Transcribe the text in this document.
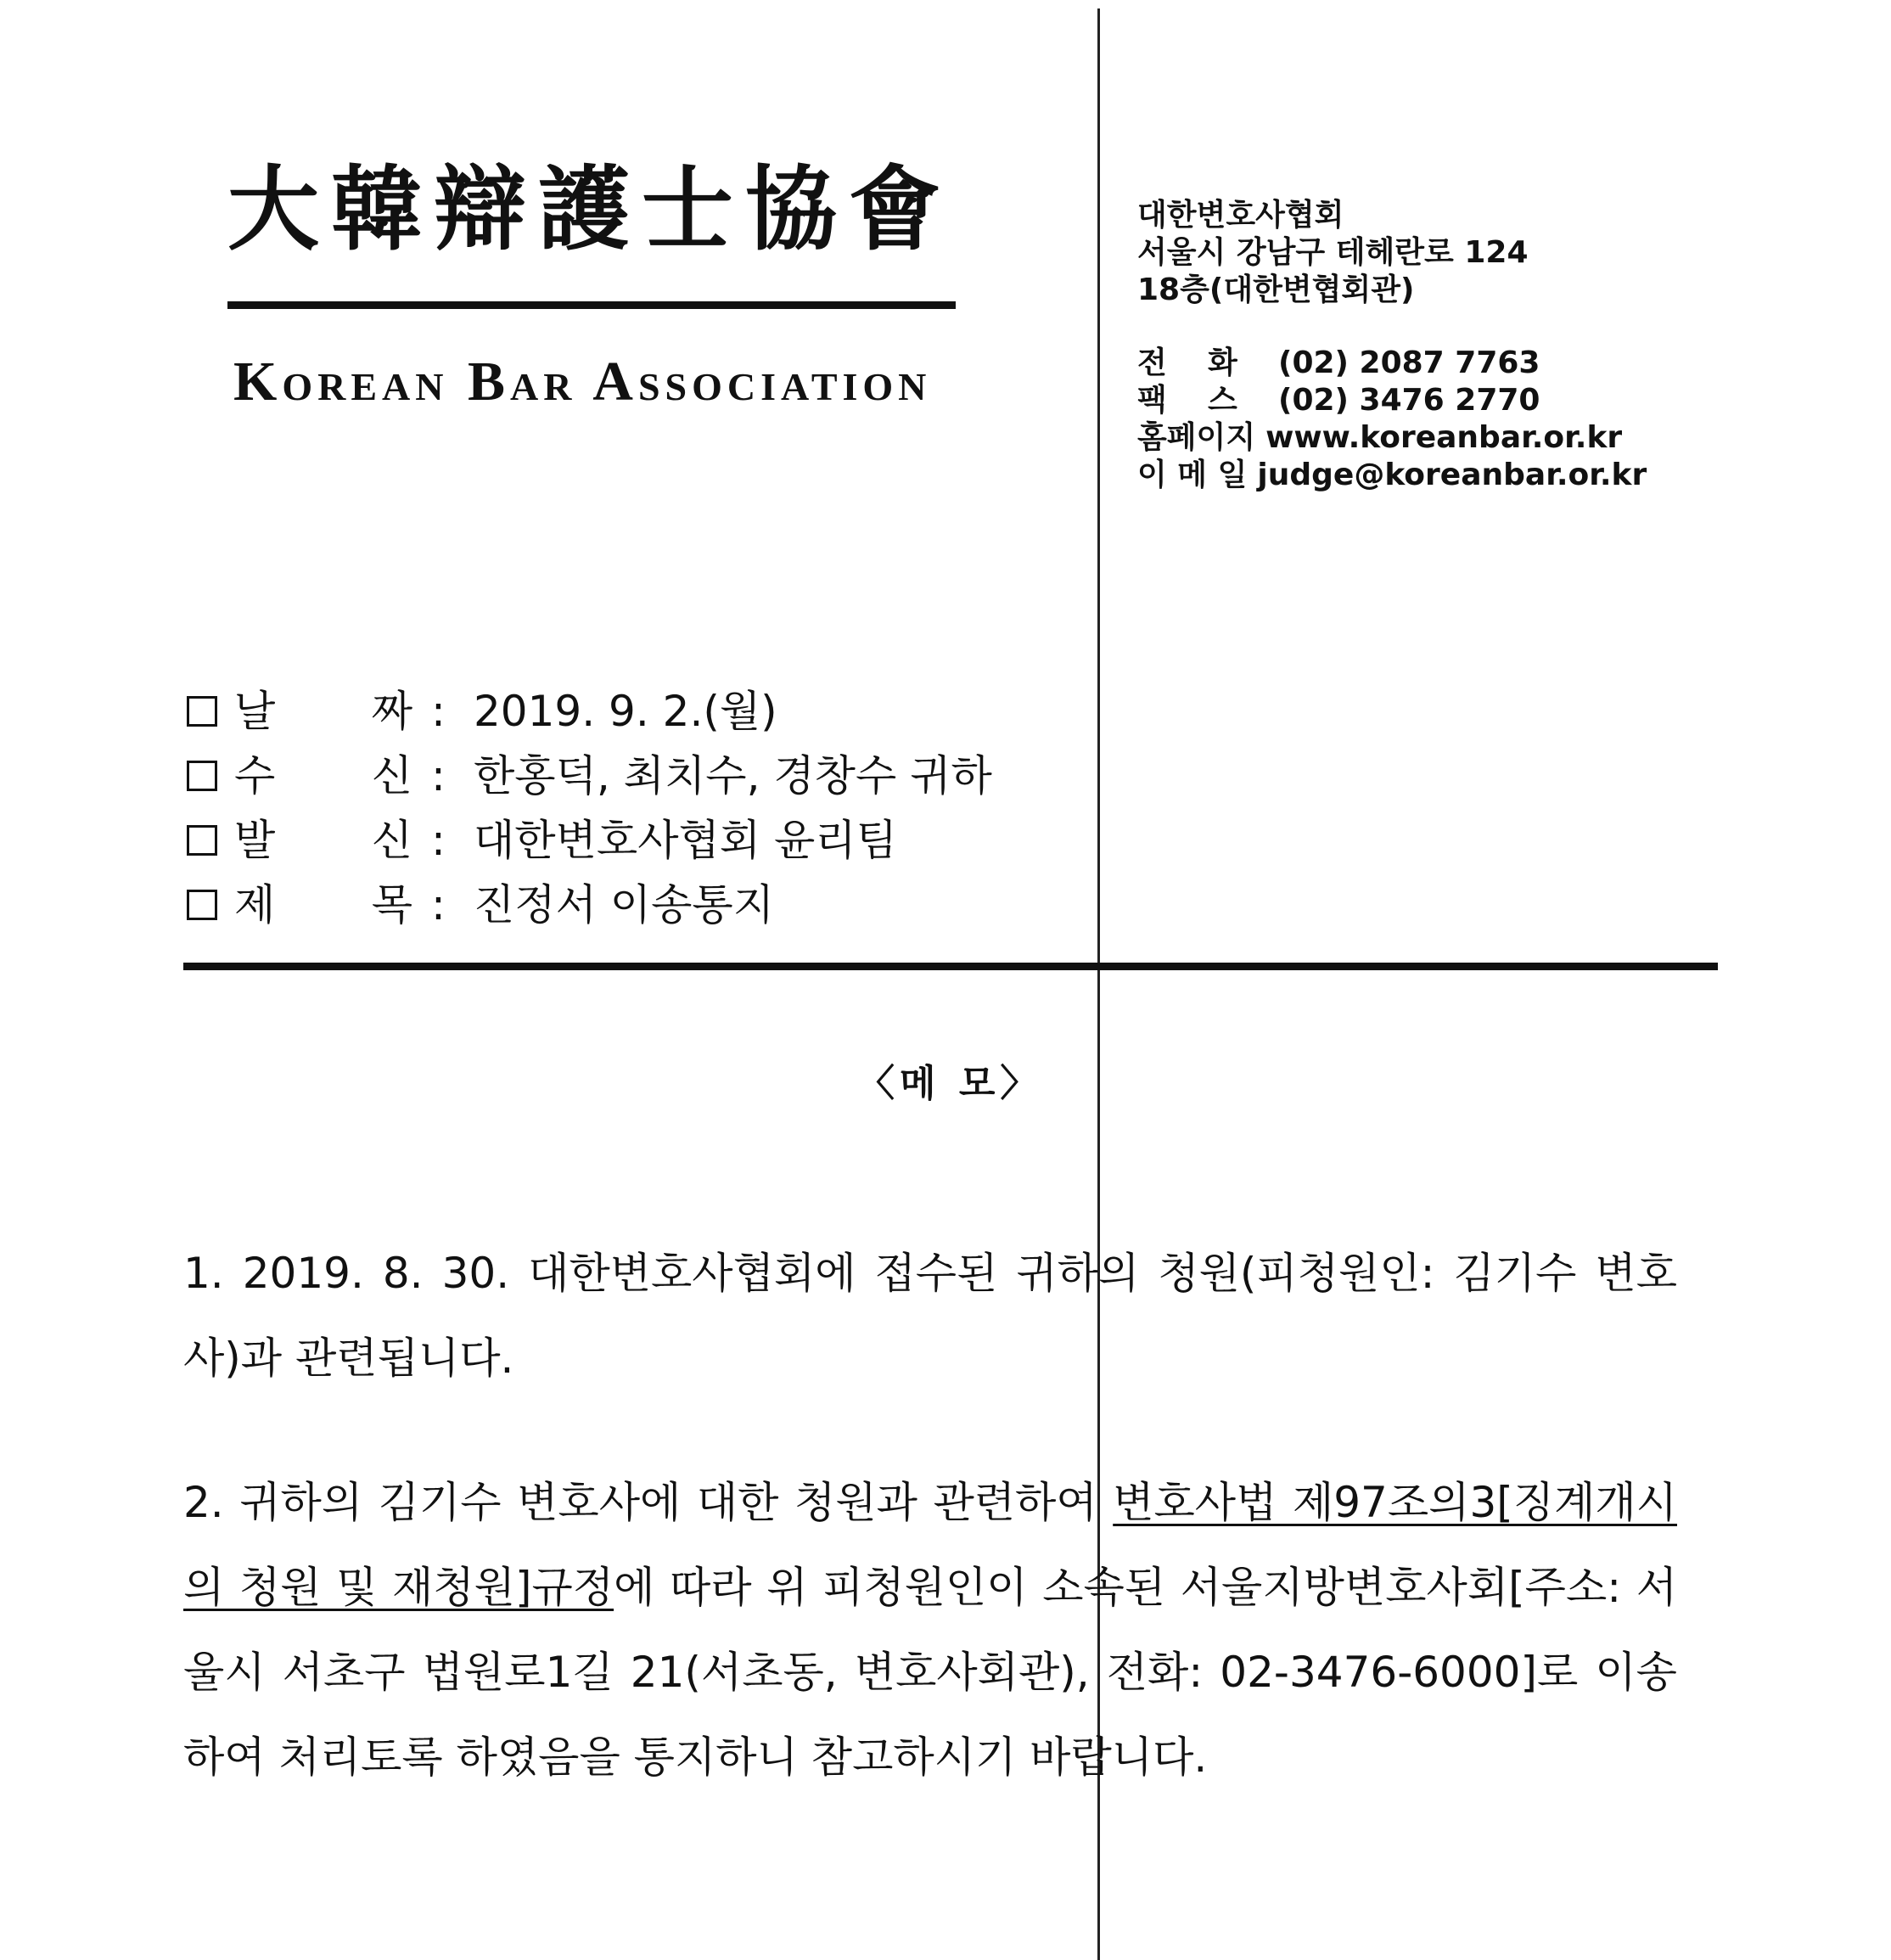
大韓辯護士協會
Korean Bar Association
대한변호사협회
서울시 강남구 테헤란로 124
18층(대한변협회관)
전 화 (02) 2087 7763
팩 스 (02) 3476 2770
홈페이지 www.koreanbar.or.kr
이 메 일 judge@koreanbar.or.kr
날 짜 : 2019. 9. 2.(월)
수 신 : 한홍덕, 최치수, 경창수 귀하
발 신 : 대한변호사협회 윤리팀
제 목 : 진정서 이송통지
〈메 모〉
1. 2019. 8. 30. 대한변호사협회에 접수된 귀하의 청원(피청원인: 김기수 변호사)과 관련됩니다.
2. 귀하의 김기수 변호사에 대한 청원과 관련하여 변호사법 제97조의3[징계개시의 청원 및 재청원]규정에 따라 위 피청원인이 소속된 서울지방변호사회[주소: 서울시 서초구 법원로1길 21(서초동, 변호사회관), 전화: 02-3476-6000]로 이송하여 처리토록 하였음을 통지하니 참고하시기 바랍니다.
